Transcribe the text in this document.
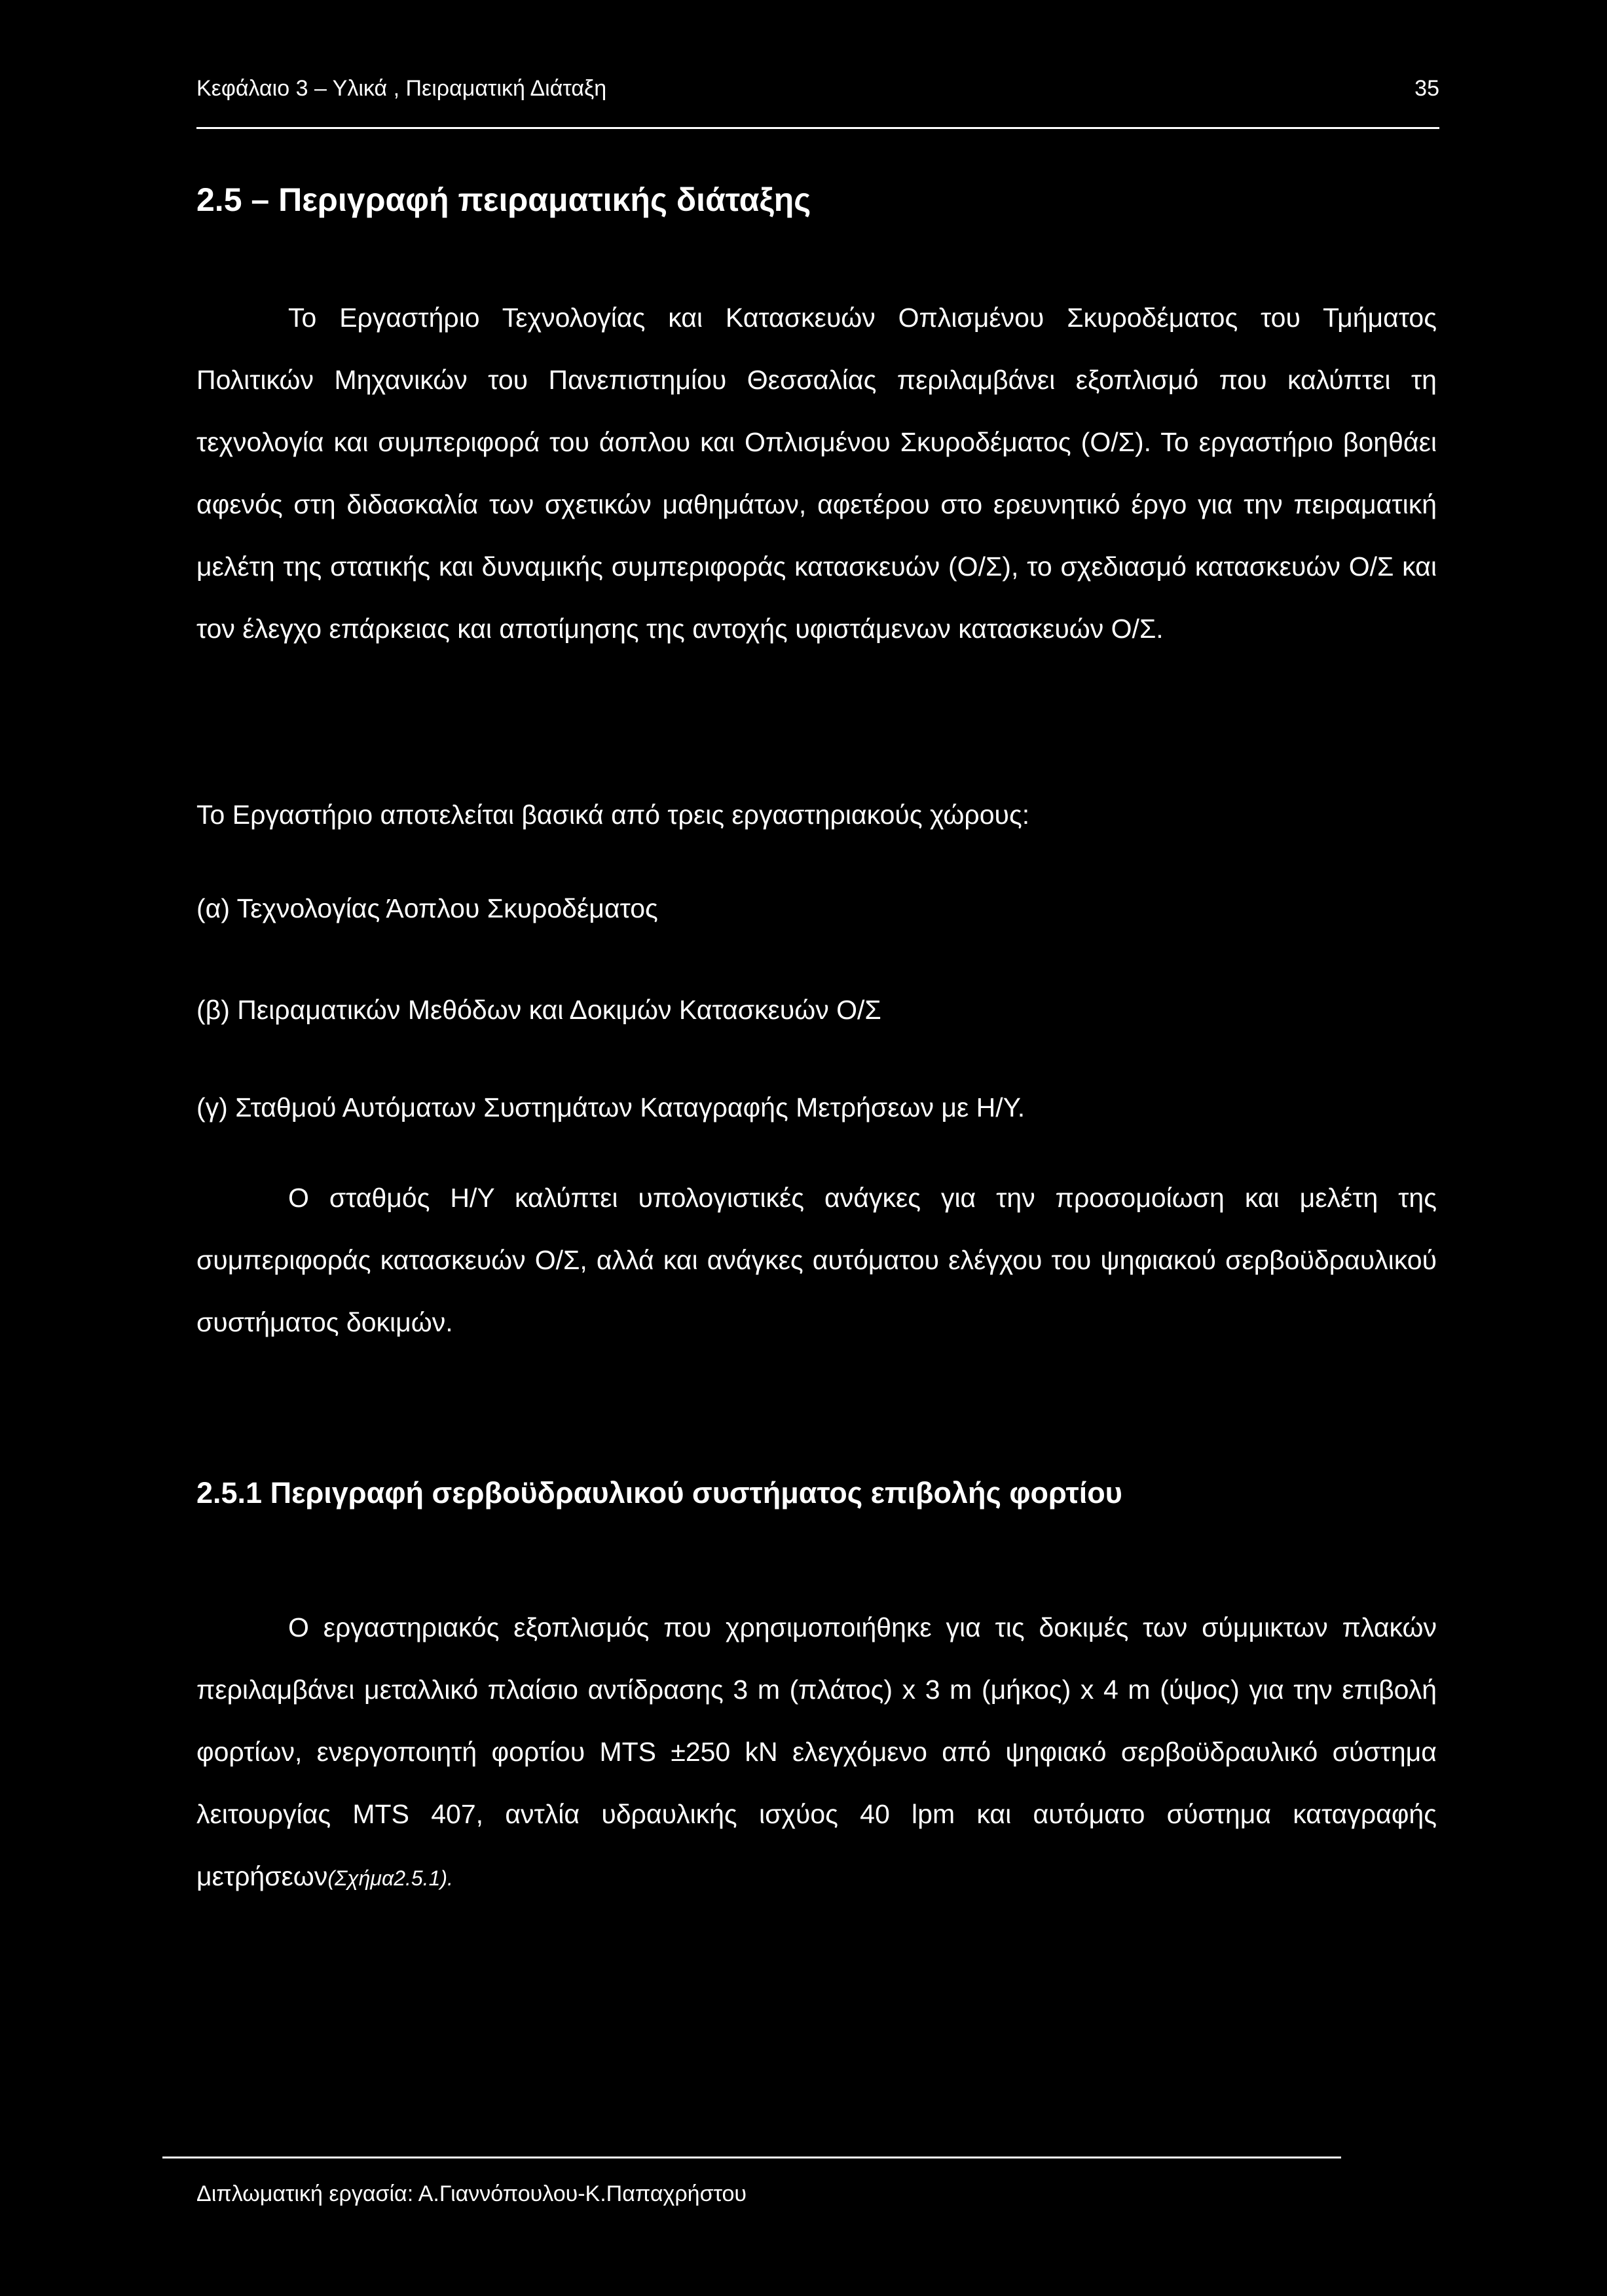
Κεφάλαιο 3 – Υλικά , Πειραματική Διάταξη	35
2.5 – Περιγραφή πειραματικής διάταξης
Το Εργαστήριο Τεχνολογίας και Κατασκευών Οπλισμένου Σκυροδέματος του Τμήματος Πολιτικών Μηχανικών του Πανεπιστημίου Θεσσαλίας περιλαμβάνει εξοπλισμό που καλύπτει τη τεχνολογία και συμπεριφορά του άοπλου και Οπλισμένου Σκυροδέματος (Ο/Σ). Το εργαστήριο βοηθάει αφενός στη διδασκαλία των σχετικών μαθημάτων, αφετέρου στο ερευνητικό έργο για την πειραματική μελέτη της στατικής και δυναμικής συμπεριφοράς κατασκευών (Ο/Σ), το σχεδιασμό κατασκευών Ο/Σ και τον έλεγχο επάρκειας και αποτίμησης της αντοχής υφιστάμενων κατασκευών Ο/Σ.
Το Εργαστήριο αποτελείται βασικά από τρεις εργαστηριακούς χώρους:
(α) Τεχνολογίας Άοπλου Σκυροδέματος
(β) Πειραματικών Μεθόδων και Δοκιμών Κατασκευών Ο/Σ
(γ) Σταθμού Αυτόματων Συστημάτων Καταγραφής Μετρήσεων με Η/Υ.
Ο σταθμός Η/Υ καλύπτει υπολογιστικές ανάγκες για την προσομοίωση και μελέτη της συμπεριφοράς κατασκευών Ο/Σ, αλλά και ανάγκες αυτόματου ελέγχου του ψηφιακού σερβοϋδραυλικού συστήματος δοκιμών.
2.5.1 Περιγραφή σερβοϋδραυλικού συστήματος επιβολής φορτίου
Ο εργαστηριακός εξοπλισμός που χρησιμοποιήθηκε για τις δοκιμές των σύμμικτων πλακών περιλαμβάνει μεταλλικό πλαίσιο αντίδρασης 3 m (πλάτος) x 3 m (μήκος) x 4 m (ύψος) για την επιβολή φορτίων, ενεργοποιητή φορτίου MTS ±250 kN ελεγχόμενο από ψηφιακό σερβοϋδραυλικό σύστημα λειτουργίας MTS 407, αντλία υδραυλικής ισχύος 40 lpm και αυτόματο σύστημα καταγραφής μετρήσεων(Σχήμα2.5.1).
Διπλωματική εργασία: Α.Γιαννόπουλου-Κ.Παπαχρήστου
